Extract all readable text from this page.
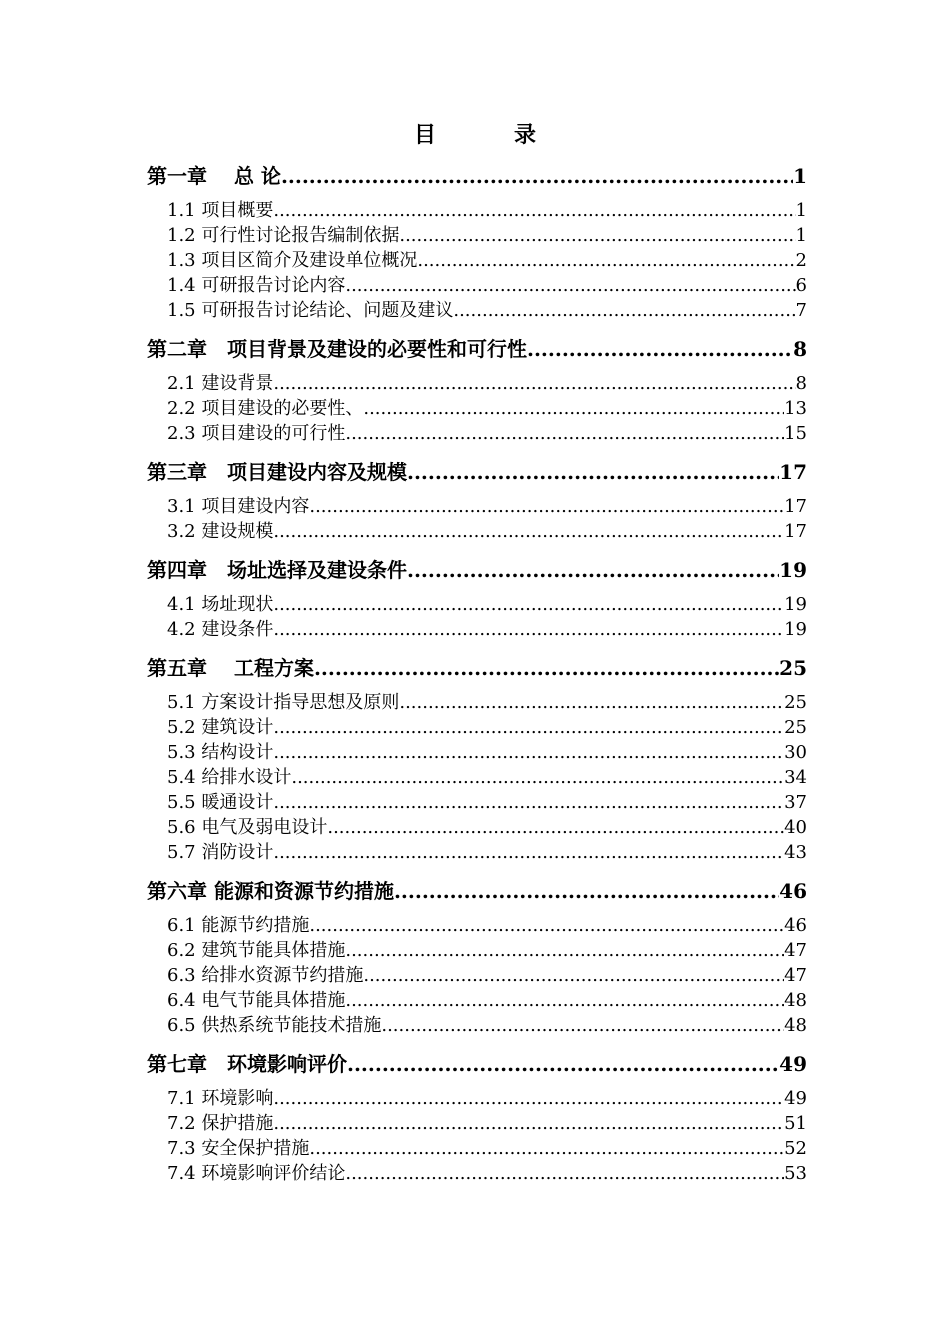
目　录
第一章　 总 论 .....	1
1.1 项目概要 .....	1
1.2 可行性讨论报告编制依据 .....	1
1.3 项目区简介及建设单位概况 .....	2
1.4 可研报告讨论内容 .....	6
1.5 可研报告讨论结论、问题及建议 .....	7
第二章　项目背景及建设的必要性和可行性 .....	8
2.1 建设背景 .....	8
2.2 项目建设的必要性、 .....	13
2.3 项目建设的可行性 .....	15
第三章　项目建设内容及规模 .....	17
3.1 项目建设内容 .....	17
3.2 建设规模 .....	17
第四章　场址选择及建设条件 .....	19
4.1 场址现状 .....	19
4.2 建设条件 .....	19
第五章　 工程方案 .....	25
5.1 方案设计指导思想及原则 .....	25
5.2 建筑设计 .....	25
5.3 结构设计 .....	30
5.4 给排水设计 .....	34
5.5 暖通设计 .....	37
5.6 电气及弱电设计 .....	40
5.7 消防设计 .....	43
第六章 能源和资源节约措施 .....	46
6.1 能源节约措施 .....	46
6.2 建筑节能具体措施 .....	47
6.3 给排水资源节约措施 .....	47
6.4 电气节能具体措施 .....	48
6.5 供热系统节能技术措施 .....	48
第七章　环境影响评价 .....	49
7.1 环境影响 .....	49
7.2 保护措施 .....	51
7.3 安全保护措施 .....	52
7.4 环境影响评价结论 .....	53
